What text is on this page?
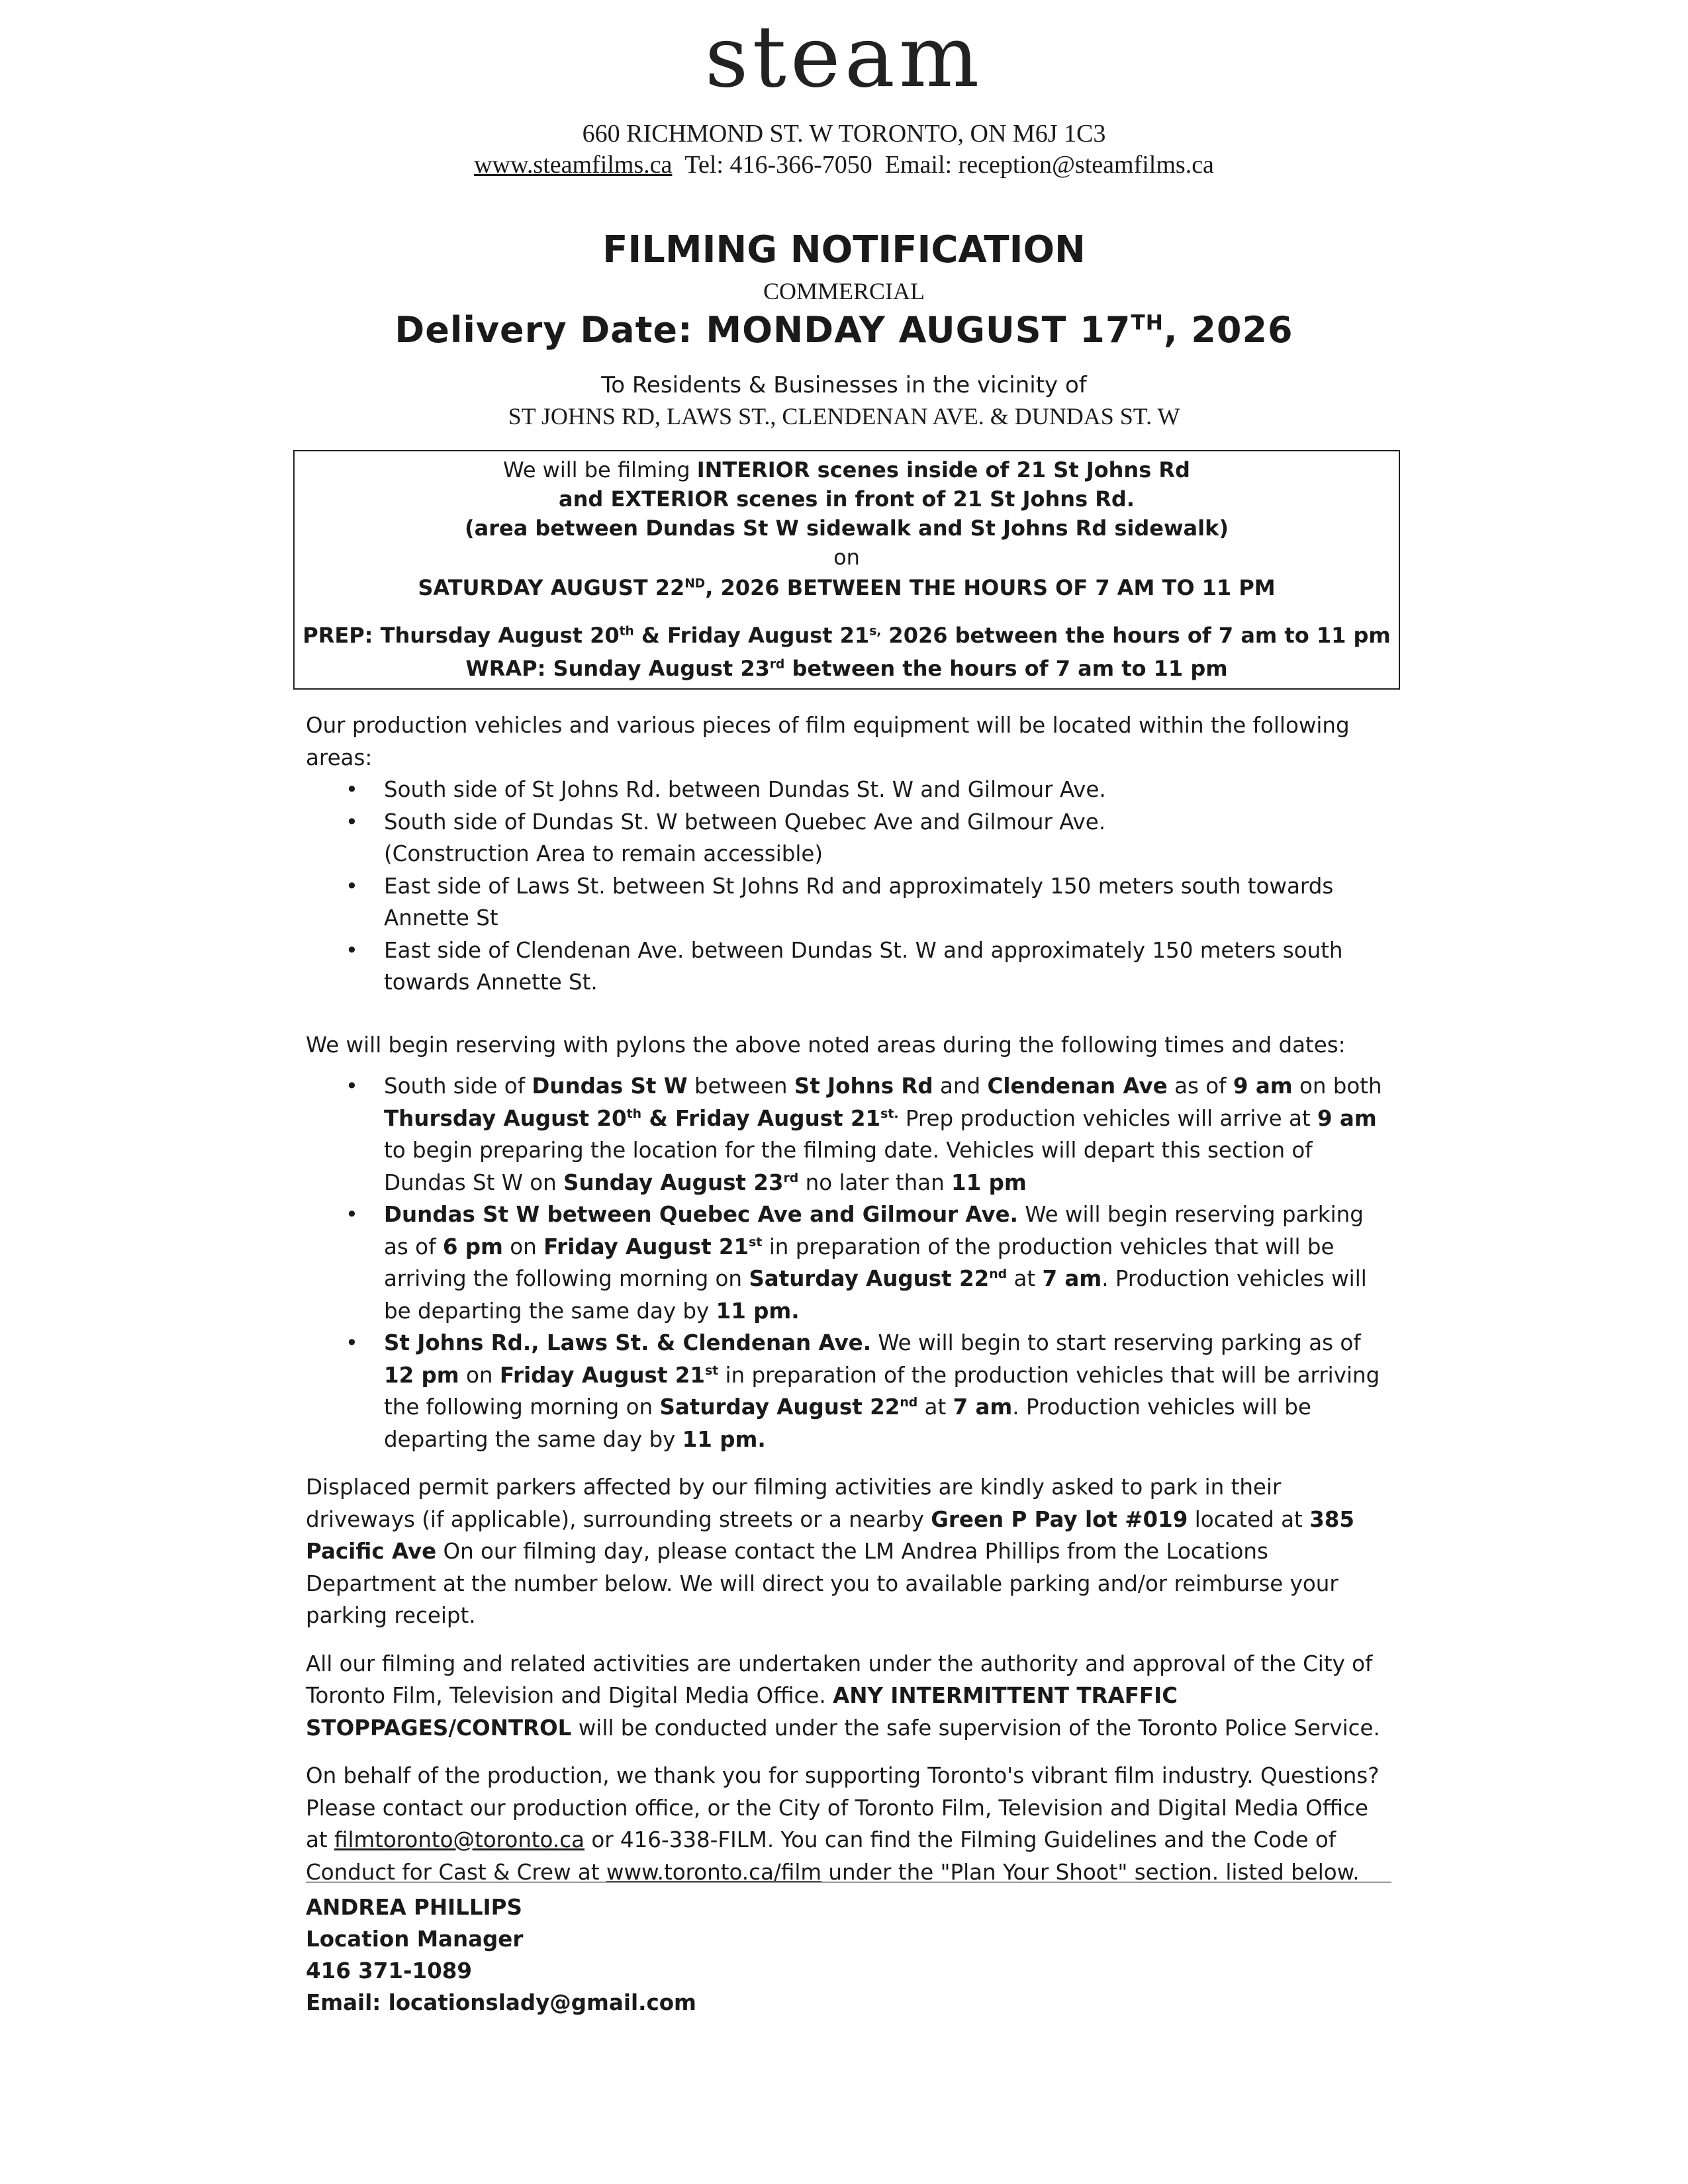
steam
660 RICHMOND ST. W TORONTO, ON M6J 1C3
www.steamfilms.ca Tel: 416-366-7050 Email: reception@steamfilms.ca
FILMING NOTIFICATION
COMMERCIAL
Delivery Date: MONDAY AUGUST 17TH, 2026
To Residents & Businesses in the vicinity of
ST JOHNS RD, LAWS ST., CLENDENAN AVE. & DUNDAS ST. W
We will be filming INTERIOR scenes inside of 21 St Johns Rd
and EXTERIOR scenes in front of 21 St Johns Rd.
(area between Dundas St W sidewalk and St Johns Rd sidewalk)
on
SATURDAY AUGUST 22ND, 2026 BETWEEN THE HOURS OF 7 AM TO 11 PM
PREP: Thursday August 20th & Friday August $21^{s,}$ 2026 between the hours of 7 am to 11 pm
WRAP: Sunday August 23rd between the hours of 7 am to 11 pm

Our production vehicles and various pieces of film equipment will be located within the following areas:

• South side of St Johns Rd. between Dundas St. W and Gilmour Ave.
• South side of Dundas St. W between Quebec Ave and Gilmour Ave.
(Construction Area to remain accessible)
• East side of Laws St. between St Johns Rd and approximately 150 meters south towards Annette St
• East side of Clendenan Ave. between Dundas St. W and approximately 150 meters south towards Annette St.

We will begin reserving with pylons the above noted areas during the following times and dates:

• South side of Dundas St W between St Johns Rd and Clendenan Ave as of 9 am on both Thursday August 20th & Friday August $21^{st.}$ Prep production vehicles will arrive at 9 am to begin preparing the location for the filming date. Vehicles will depart this section of Dundas St W on Sunday August 23rd no later than 11 pm
• Dundas St W between Quebec Ave and Gilmour Ave. We will begin reserving parking as of 6 pm on Friday August 21st in preparation of the production vehicles that will be arriving the following morning on Saturday August 22nd at 7 am. Production vehicles will be departing the same day by 11 pm.
• St Johns Rd., Laws St. & Clendenan Ave. We will begin to start reserving parking as of 12 pm on Friday August 21st in preparation of the production vehicles that will be arriving the following morning on Saturday August 22nd at 7 am. Production vehicles will be departing the same day by 11 pm.

Displaced permit parkers affected by our filming activities are kindly asked to park in their driveways (if applicable), surrounding streets or a nearby Green P Pay lot #019 located at 385 Pacific Ave On our filming day, please contact the LM Andrea Phillips from the Locations Department at the number below. We will direct you to available parking and/or reimburse your parking receipt.

All our filming and related activities are undertaken under the authority and approval of the City of Toronto Film, Television and Digital Media Office. ANY INTERMITTENT TRAFFIC STOPPAGES/CONTROL will be conducted under the safe supervision of the Toronto Police Service.

On behalf of the production, we thank you for supporting Toronto's vibrant film industry. Questions? Please contact our production office, or the City of Toronto Film, Television and Digital Media Office at filmtoronto@toronto.ca or 416-338-FILM. You can find the Filming Guidelines and the Code of Conduct for Cast & Crew at www.toronto.ca/film under the "Plan Your Shoot" section. listed below.

ANDREA PHILLIPS
Location Manager
416 371-1089
Email: locationslady@gmail.com
